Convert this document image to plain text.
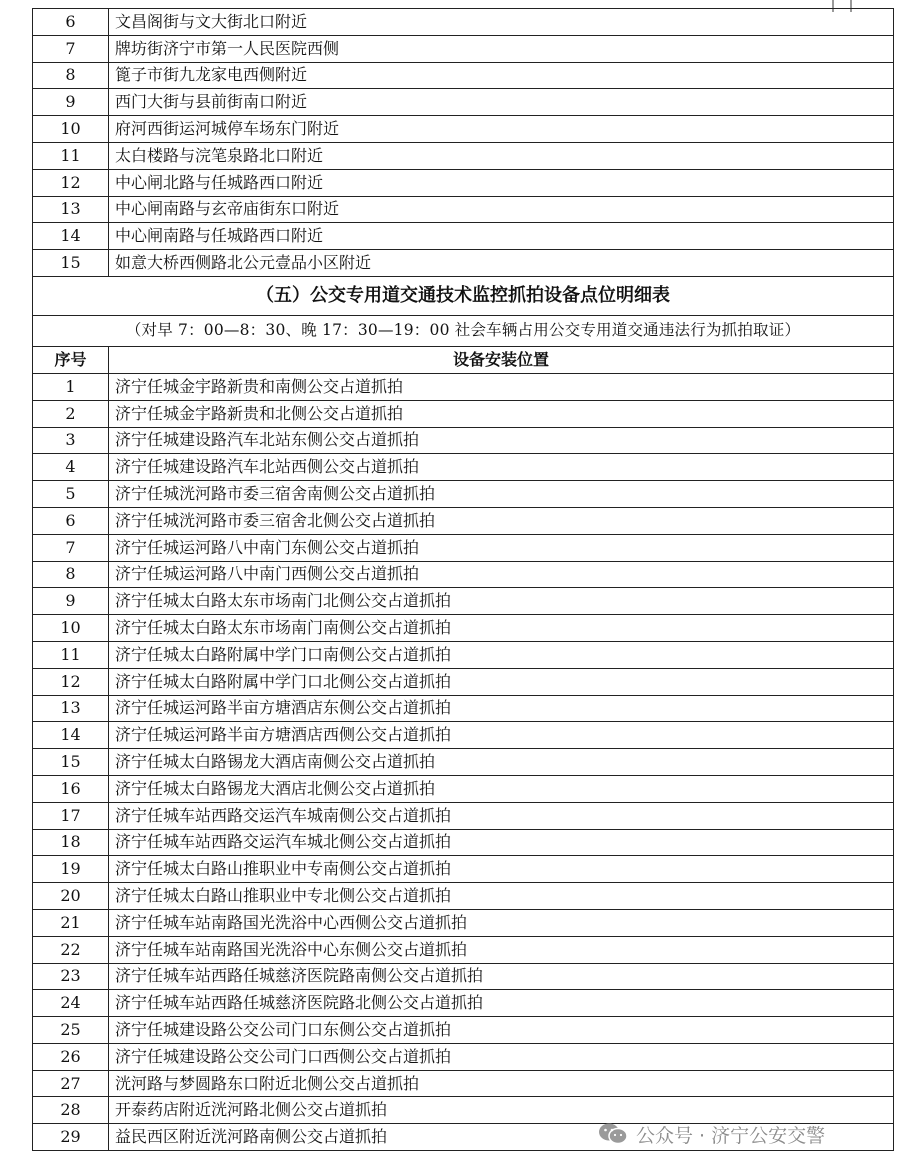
6	文昌阁街与文大街北口附近
7	牌坊街济宁市第一人民医院西侧
8	篦子市街九龙家电西侧附近
9	西门大街与县前街南口附近
10	府河西街运河城停车场东门附近
11	太白楼路与浣笔泉路北口附近
12	中心闸北路与任城路西口附近
13	中心闸南路与玄帝庙街东口附近
14	中心闸南路与任城路西口附近
15	如意大桥西侧路北公元壹品小区附近
（五）公交专用道交通技术监控抓拍设备点位明细表	
（对早 7：00—8：30、晚 17：30—19：00 社会车辆占用公交专用道交通违法行为抓拍取证）	
序号	设备安装位置
1	济宁任城金宇路新贵和南侧公交占道抓拍
2	济宁任城金宇路新贵和北侧公交占道抓拍
3	济宁任城建设路汽车北站东侧公交占道抓拍
4	济宁任城建设路汽车北站西侧公交占道抓拍
5	济宁任城洸河路市委三宿舍南侧公交占道抓拍
6	济宁任城洸河路市委三宿舍北侧公交占道抓拍
7	济宁任城运河路八中南门东侧公交占道抓拍
8	济宁任城运河路八中南门西侧公交占道抓拍
9	济宁任城太白路太东市场南门北侧公交占道抓拍
10	济宁任城太白路太东市场南门南侧公交占道抓拍
11	济宁任城太白路附属中学门口南侧公交占道抓拍
12	济宁任城太白路附属中学门口北侧公交占道抓拍
13	济宁任城运河路半亩方塘酒店东侧公交占道抓拍
14	济宁任城运河路半亩方塘酒店西侧公交占道抓拍
15	济宁任城太白路锡龙大酒店南侧公交占道抓拍
16	济宁任城太白路锡龙大酒店北侧公交占道抓拍
17	济宁任城车站西路交运汽车城南侧公交占道抓拍
18	济宁任城车站西路交运汽车城北侧公交占道抓拍
19	济宁任城太白路山推职业中专南侧公交占道抓拍
20	济宁任城太白路山推职业中专北侧公交占道抓拍
21	济宁任城车站南路国光洗浴中心西侧公交占道抓拍
22	济宁任城车站南路国光洗浴中心东侧公交占道抓拍
23	济宁任城车站西路任城慈济医院路南侧公交占道抓拍
24	济宁任城车站西路任城慈济医院路北侧公交占道抓拍
25	济宁任城建设路公交公司门口东侧公交占道抓拍
26	济宁任城建设路公交公司门口西侧公交占道抓拍
27	洸河路与梦圆路东口附近北侧公交占道抓拍
28	开泰药店附近洸河路北侧公交占道抓拍
29	益民西区附近洸河路南侧公交占道抓拍	公众号 · 济宁公安交警
